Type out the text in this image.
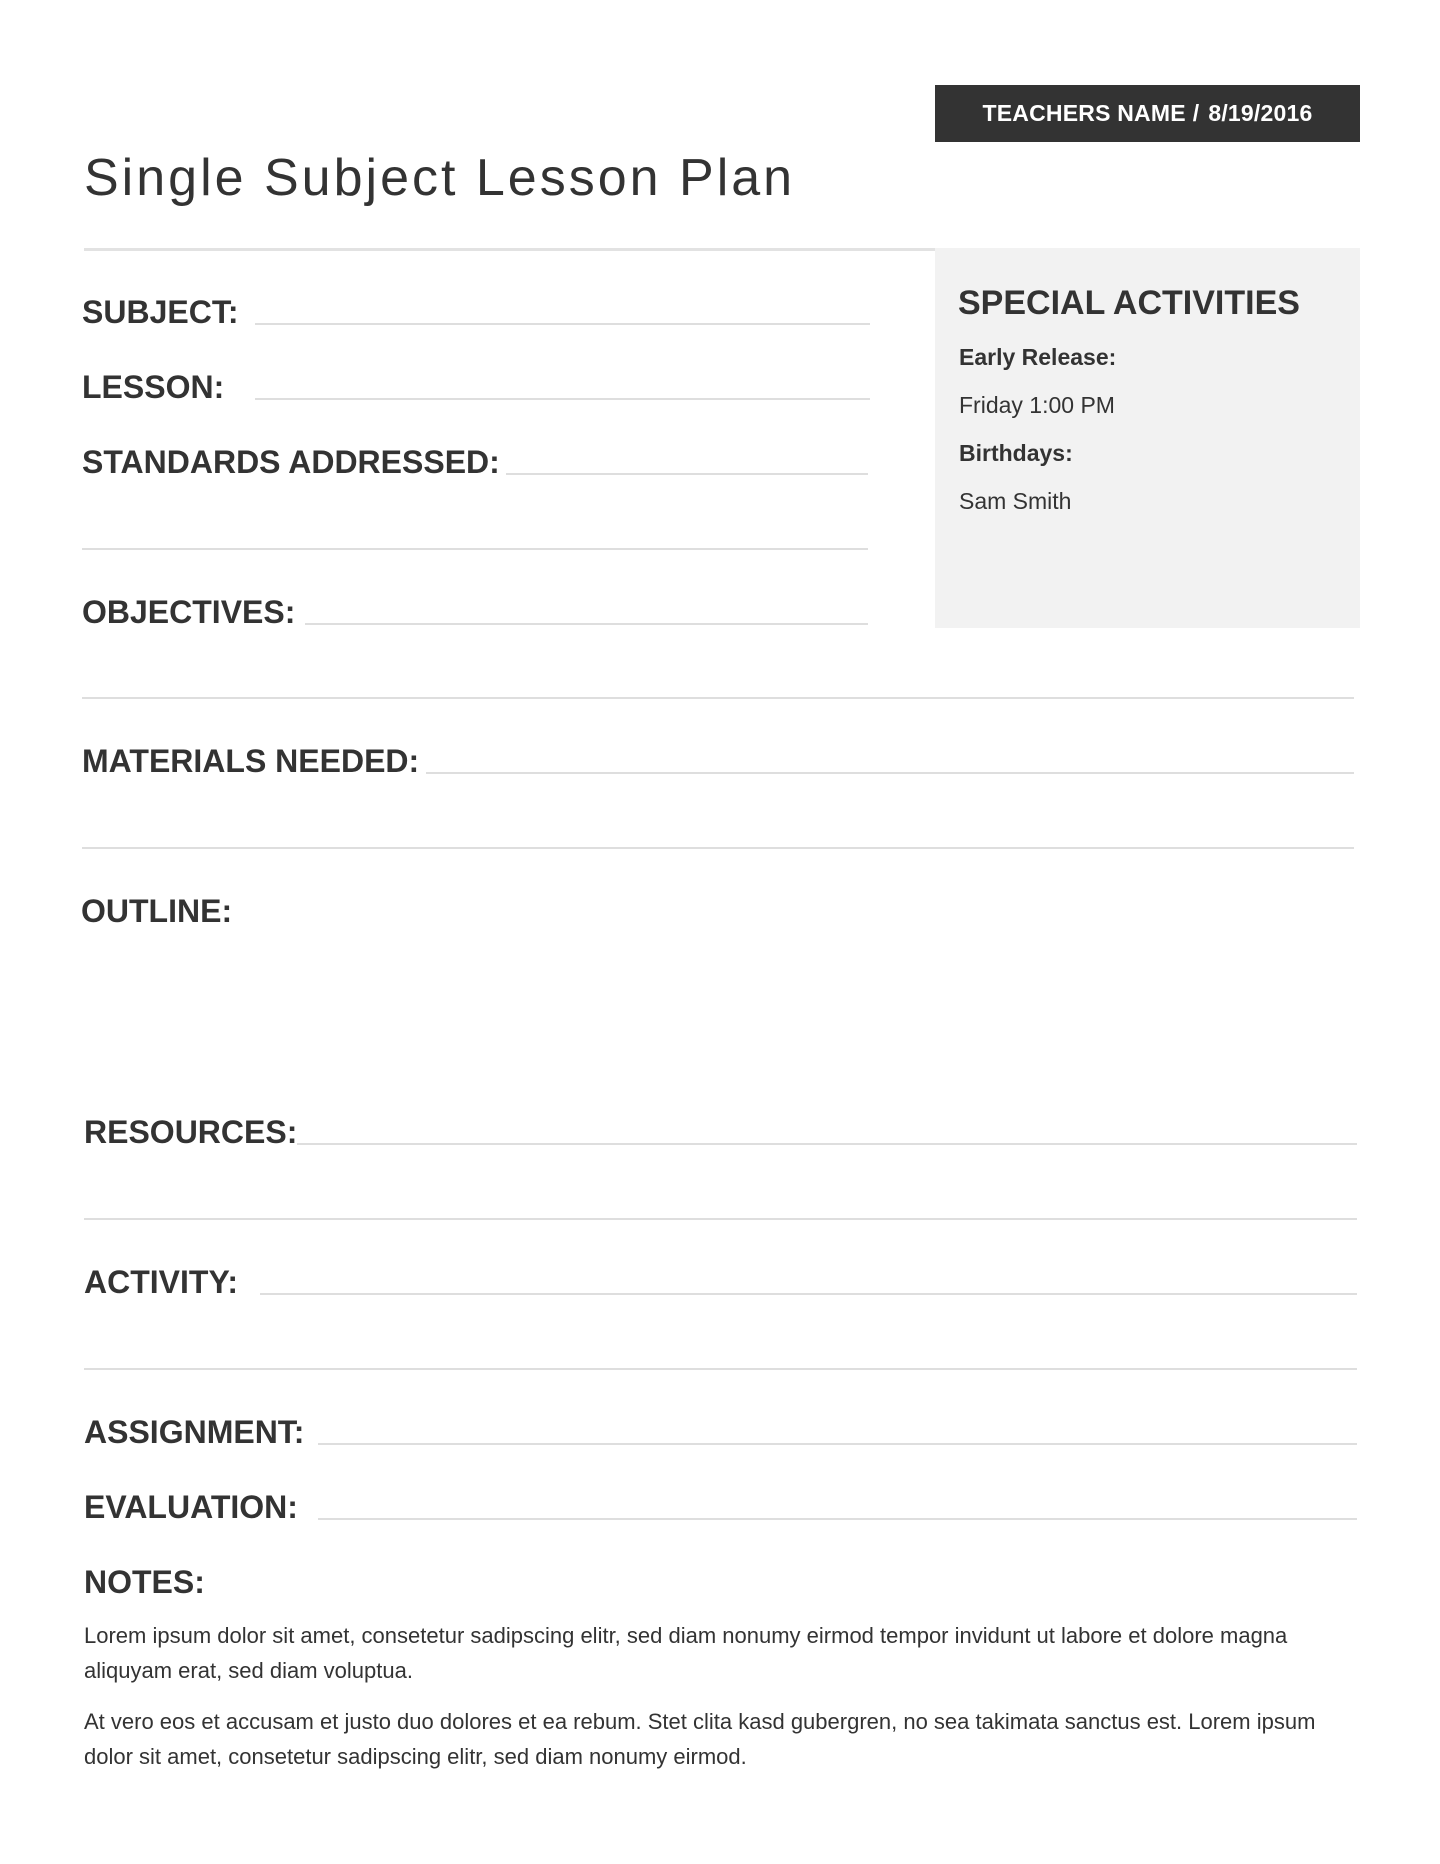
TEACHERS NAME / 8/19/2016
Single Subject Lesson Plan
SPECIAL ACTIVITIES
Early Release:
Friday 1:00 PM
Birthdays:
Sam Smith
SUBJECT:
LESSON:
STANDARDS ADDRESSED:
OBJECTIVES:
MATERIALS NEEDED:
OUTLINE:
RESOURCES:
ACTIVITY:
ASSIGNMENT:
EVALUATION:
NOTES:
Lorem ipsum dolor sit amet, consetetur sadipscing elitr, sed diam nonumy eirmod tempor invidunt ut labore et dolore magna aliquyam erat, sed diam voluptua.
At vero eos et accusam et justo duo dolores et ea rebum. Stet clita kasd gubergren, no sea takimata sanctus est. Lorem ipsum dolor sit amet, consetetur sadipscing elitr, sed diam nonumy eirmod.
